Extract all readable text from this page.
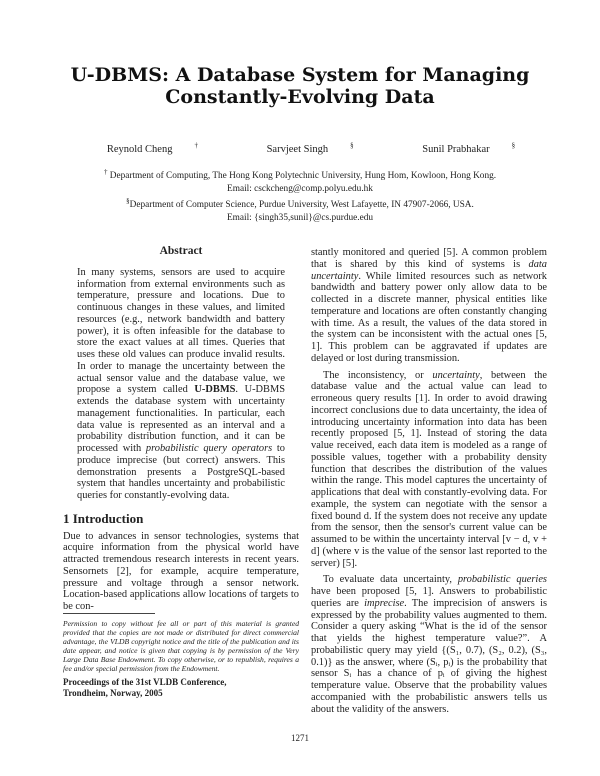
U-DBMS: A Database System for Managing
Constantly-Evolving Data
Reynold Cheng	†	Sarvjeet Singh	§	Sunil Prabhakar	§
† Department of Computing, The Hong Kong Polytechnic University, Hung Hom, Kowloon, Hong Kong.
Email: csckcheng@comp.polyu.edu.hk
§Department of Computer Science, Purdue University, West Lafayette, IN 47907-2066, USA.
Email: {singh35,sunil}@cs.purdue.edu

Abstract

In many systems, sensors are used to acquire information from external environments such as temperature, pressure and locations. Due to continuous changes in these values, and limited resources (e.g., network bandwidth and battery power), it is often infeasible for the database to store the exact values at all times. Queries that uses these old values can produce invalid results. In order to manage the uncertainty between the actual sensor value and the database value, we propose a system called U-DBMS. U-DBMS extends the database system with uncertainty management functionalities. In particular, each data value is represented as an interval and a probability distribution function, and it can be processed with probabilistic query operators to produce imprecise (but correct) answers. This demonstration presents a PostgreSQL-based system that handles uncertainty and probabilistic queries for constantly-evolving data.

1 Introduction

Due to advances in sensor technologies, systems that acquire information from the physical world have attracted tremendous research interests in recent years. Sensornets [2], for example, acquire temperature, pressure and voltage through a sensor network. Location-based applications allow locations of targets to be con-

Permission to copy without fee all or part of this material is granted provided that the copies are not made or distributed for direct commercial advantage, the VLDB copyright notice and the title of the publication and its date appear, and notice is given that copying is by permission of the Very Large Data Base Endowment. To copy otherwise, or to republish, requires a fee and/or special permission from the Endowment.

Proceedings of the 31st VLDB Conference,
Trondheim, Norway, 2005

stantly monitored and queried [5]. A common problem that is shared by this kind of systems is data uncertainty. While limited resources such as network bandwidth and battery power only allow data to be collected in a discrete manner, physical entities like temperature and locations are often constantly changing with time. As a result, the values of the data stored in the system can be inconsistent with the actual ones [5, 1]. This problem can be aggravated if updates are delayed or lost during transmission.

The inconsistency, or uncertainty, between the database value and the actual value can lead to erroneous query results [1]. In order to avoid drawing incorrect conclusions due to data uncertainty, the idea of introducing uncertainty information into data has been recently proposed [5, 1]. Instead of storing the data value received, each data item is modeled as a range of possible values, together with a probability density function that describes the distribution of the values within the range. This model captures the uncertainty of applications that deal with constantly-evolving data. For example, the system can negotiate with the sensor a fixed bound d. If the system does not receive any update from the sensor, then the sensor's current value can be assumed to be within the uncertainty interval [v − d, v + d] (where v is the value of the sensor last reported to the server) [5].

To evaluate data uncertainty, probabilistic queries have been proposed [5, 1]. Answers to probabilistic queries are imprecise. The imprecision of answers is expressed by the probability values augmented to them. Consider a query asking “What is the id of the sensor that yields the highest temperature value?”. A probabilistic query may yield {(S₁, 0.7), (S₂, 0.2), (S₃, 0.1)} as the answer, where (Sᵢ, pᵢ) is the probability that sensor Sᵢ has a chance of pᵢ of giving the highest temperature value. Observe that the probability values accompanied with the probabilistic answers tells us about the validity of the answers.

1271
